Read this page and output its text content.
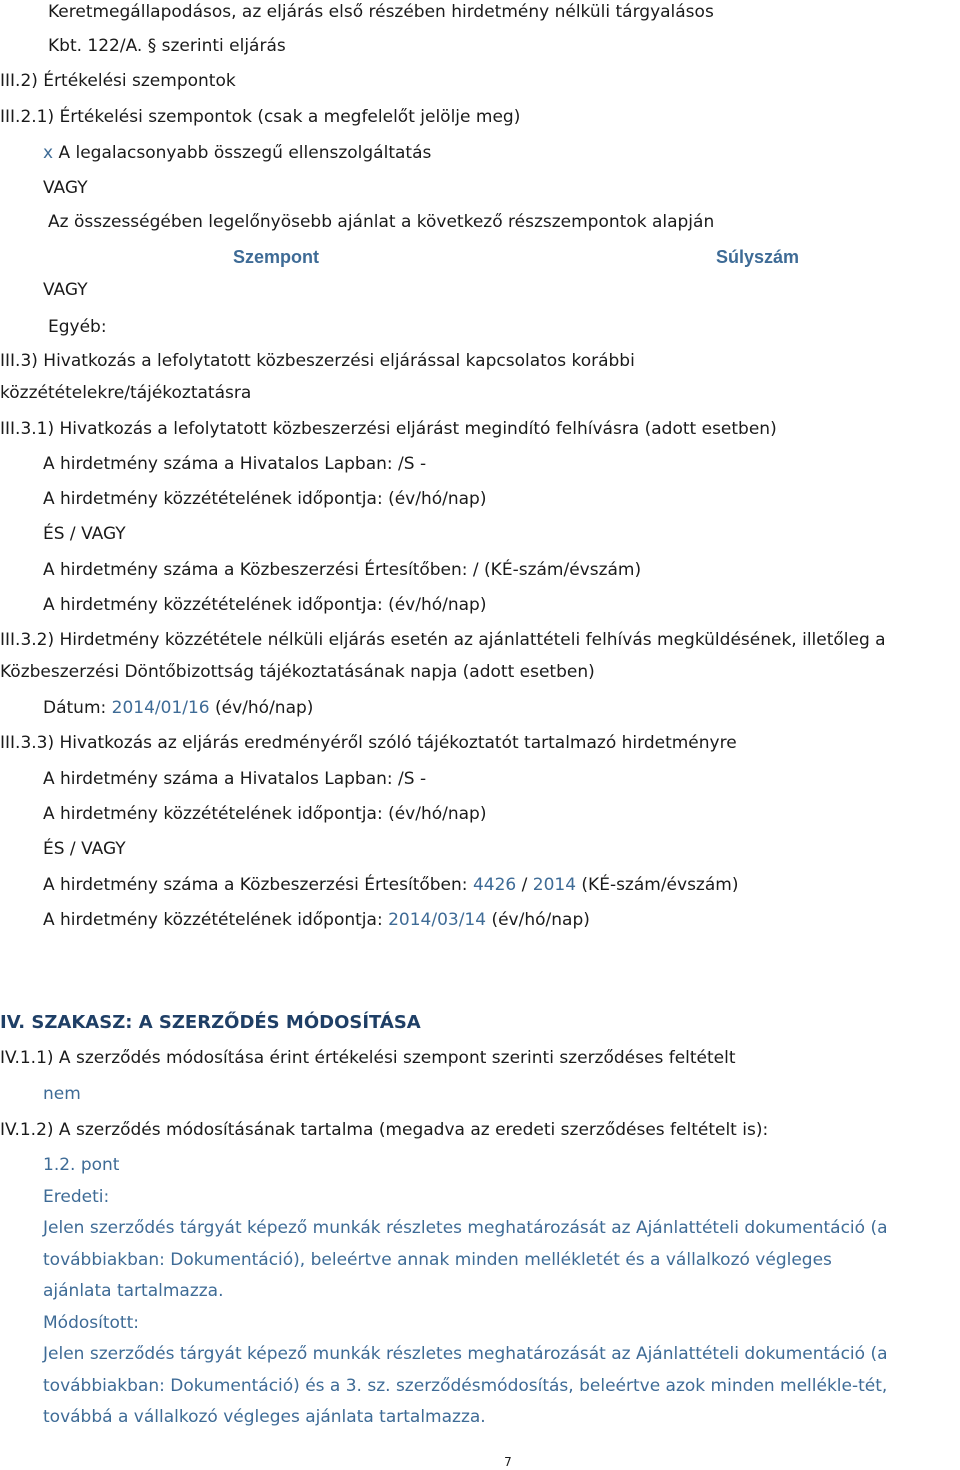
Keretmegállapodásos, az eljárás első részében hirdetmény nélküli tárgyalásos
Kbt. 122/A. § szerinti eljárás
III.2) Értékelési szempontok
III.2.1) Értékelési szempontok (csak a megfelelőt jelölje meg)
x A legalacsonyabb összegű ellenszolgáltatás
VAGY
Az összességében legelőnyösebb ajánlat a következő részszempontok alapján
Szempont	Súlyszám
VAGY
Egyéb:
III.3) Hivatkozás a lefolytatott közbeszerzési eljárással kapcsolatos korábbi
közzétételekre/tájékoztatásra
III.3.1) Hivatkozás a lefolytatott közbeszerzési eljárást megindító felhívásra (adott esetben)
A hirdetmény száma a Hivatalos Lapban: /S -
A hirdetmény közzétételének időpontja: (év/hó/nap)
ÉS / VAGY
A hirdetmény száma a Közbeszerzési Értesítőben: / (KÉ-szám/évszám)
A hirdetmény közzétételének időpontja: (év/hó/nap)
III.3.2) Hirdetmény közzététele nélküli eljárás esetén az ajánlattételi felhívás megküldésének, illetőleg a
Közbeszerzési Döntőbizottság tájékoztatásának napja (adott esetben)
Dátum: 2014/01/16 (év/hó/nap)
III.3.3) Hivatkozás az eljárás eredményéről szóló tájékoztatót tartalmazó hirdetményre
A hirdetmény száma a Hivatalos Lapban: /S -
A hirdetmény közzétételének időpontja: (év/hó/nap)
ÉS / VAGY
A hirdetmény száma a Közbeszerzési Értesítőben: 4426 / 2014 (KÉ-szám/évszám)
A hirdetmény közzétételének időpontja: 2014/03/14 (év/hó/nap)
IV. SZAKASZ: A SZERZŐDÉS MÓDOSÍTÁSA
IV.1.1) A szerződés módosítása érint értékelési szempont szerinti szerződéses feltételt
nem
IV.1.2) A szerződés módosításának tartalma (megadva az eredeti szerződéses feltételt is):
1.2. pont
Eredeti:
Jelen szerződés tárgyát képező munkák részletes meghatározását az Ajánlattételi dokumentáció (a
továbbiakban: Dokumentáció), beleértve annak minden mellékletét és a vállalkozó végleges
ajánlata tartalmazza.
Módosított:
Jelen szerződés tárgyát képező munkák részletes meghatározását az Ajánlattételi dokumentáció (a
továbbiakban: Dokumentáció) és a 3. sz. szerződésmódosítás, beleértve azok minden mellékle-tét,
továbbá a vállalkozó végleges ajánlata tartalmazza.
7
